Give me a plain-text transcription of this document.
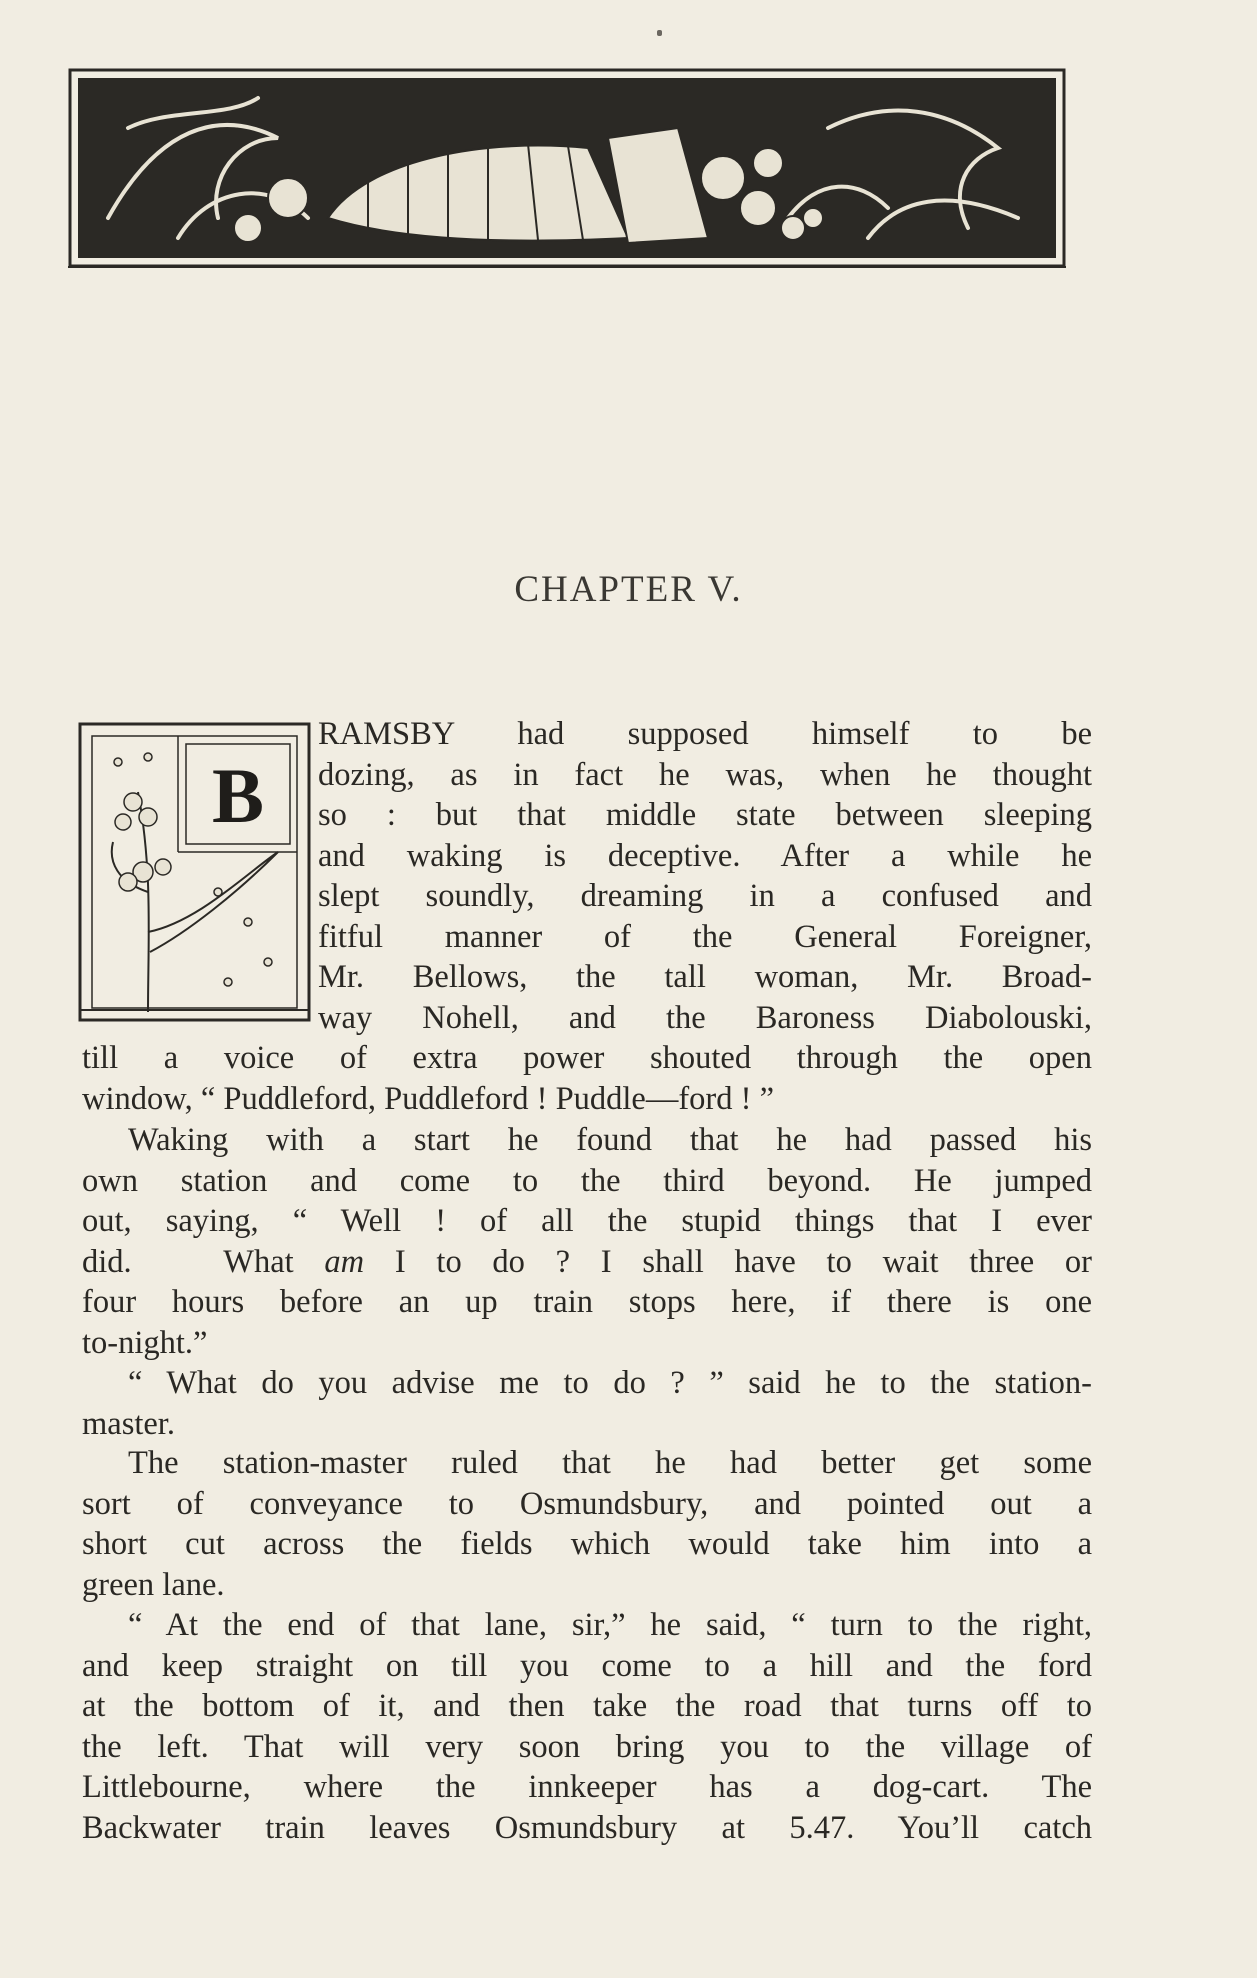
CHAPTER V.
B
RAMSBY had supposed himself to be
dozing, as in fact he was, when he thought
so : but that middle state between sleeping
and waking is deceptive. After a while he
slept soundly, dreaming in a confused and
fitful manner of the General Foreigner,
Mr. Bellows, the tall woman, Mr. Broad-
way Nohell, and the Baroness Diabolouski,
till a voice of extra power shouted through the open
window, “ Puddleford, Puddleford ! Puddle—ford ! ”
Waking with a start he found that he had passed his
own station and come to the third beyond. He jumped
out, saying, “ Well ! of all the stupid things that I ever
did.	What am I to do ? I shall have to wait three or
four hours before an up train stops here, if there is one
to-night.”
“ What do you advise me to do ? ” said he to the station-
master.
The station-master ruled that he had better get some
sort of conveyance to Osmundsbury, and pointed out a
short cut across the fields which would take him into a
green lane.
“ At the end of that lane, sir,” he said, “ turn to the right,
and keep straight on till you come to a hill and the ford
at the bottom of it, and then take the road that turns off to
the left. That will very soon bring you to the village of
Littlebourne, where the innkeeper has a dog-cart. The
Backwater train leaves Osmundsbury at 5.47. You’ll catch
